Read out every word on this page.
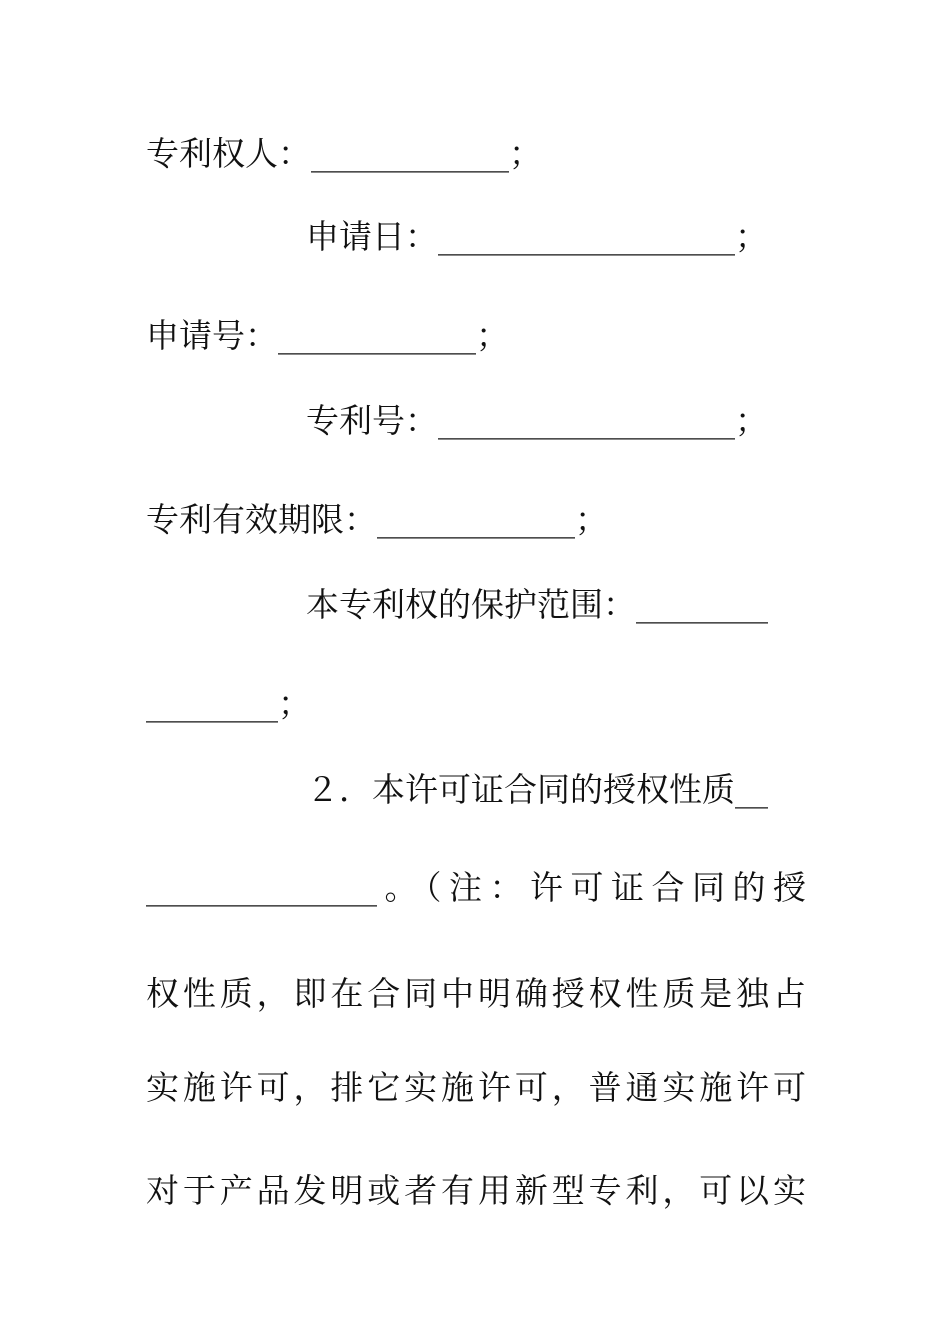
专利权人：____________；
申请日：__________________；
申请号：____________；
专利号：__________________；
专利有效期限：____________；
本专利权的保护范围：________
________；
２．本许可证合同的授权性质__
______________。（注：许可证合同的授
权性质，即在合同中明确授权性质是独占
实施许可，排它实施许可，普通实施许可
对于产品发明或者有用新型专利，可以实
